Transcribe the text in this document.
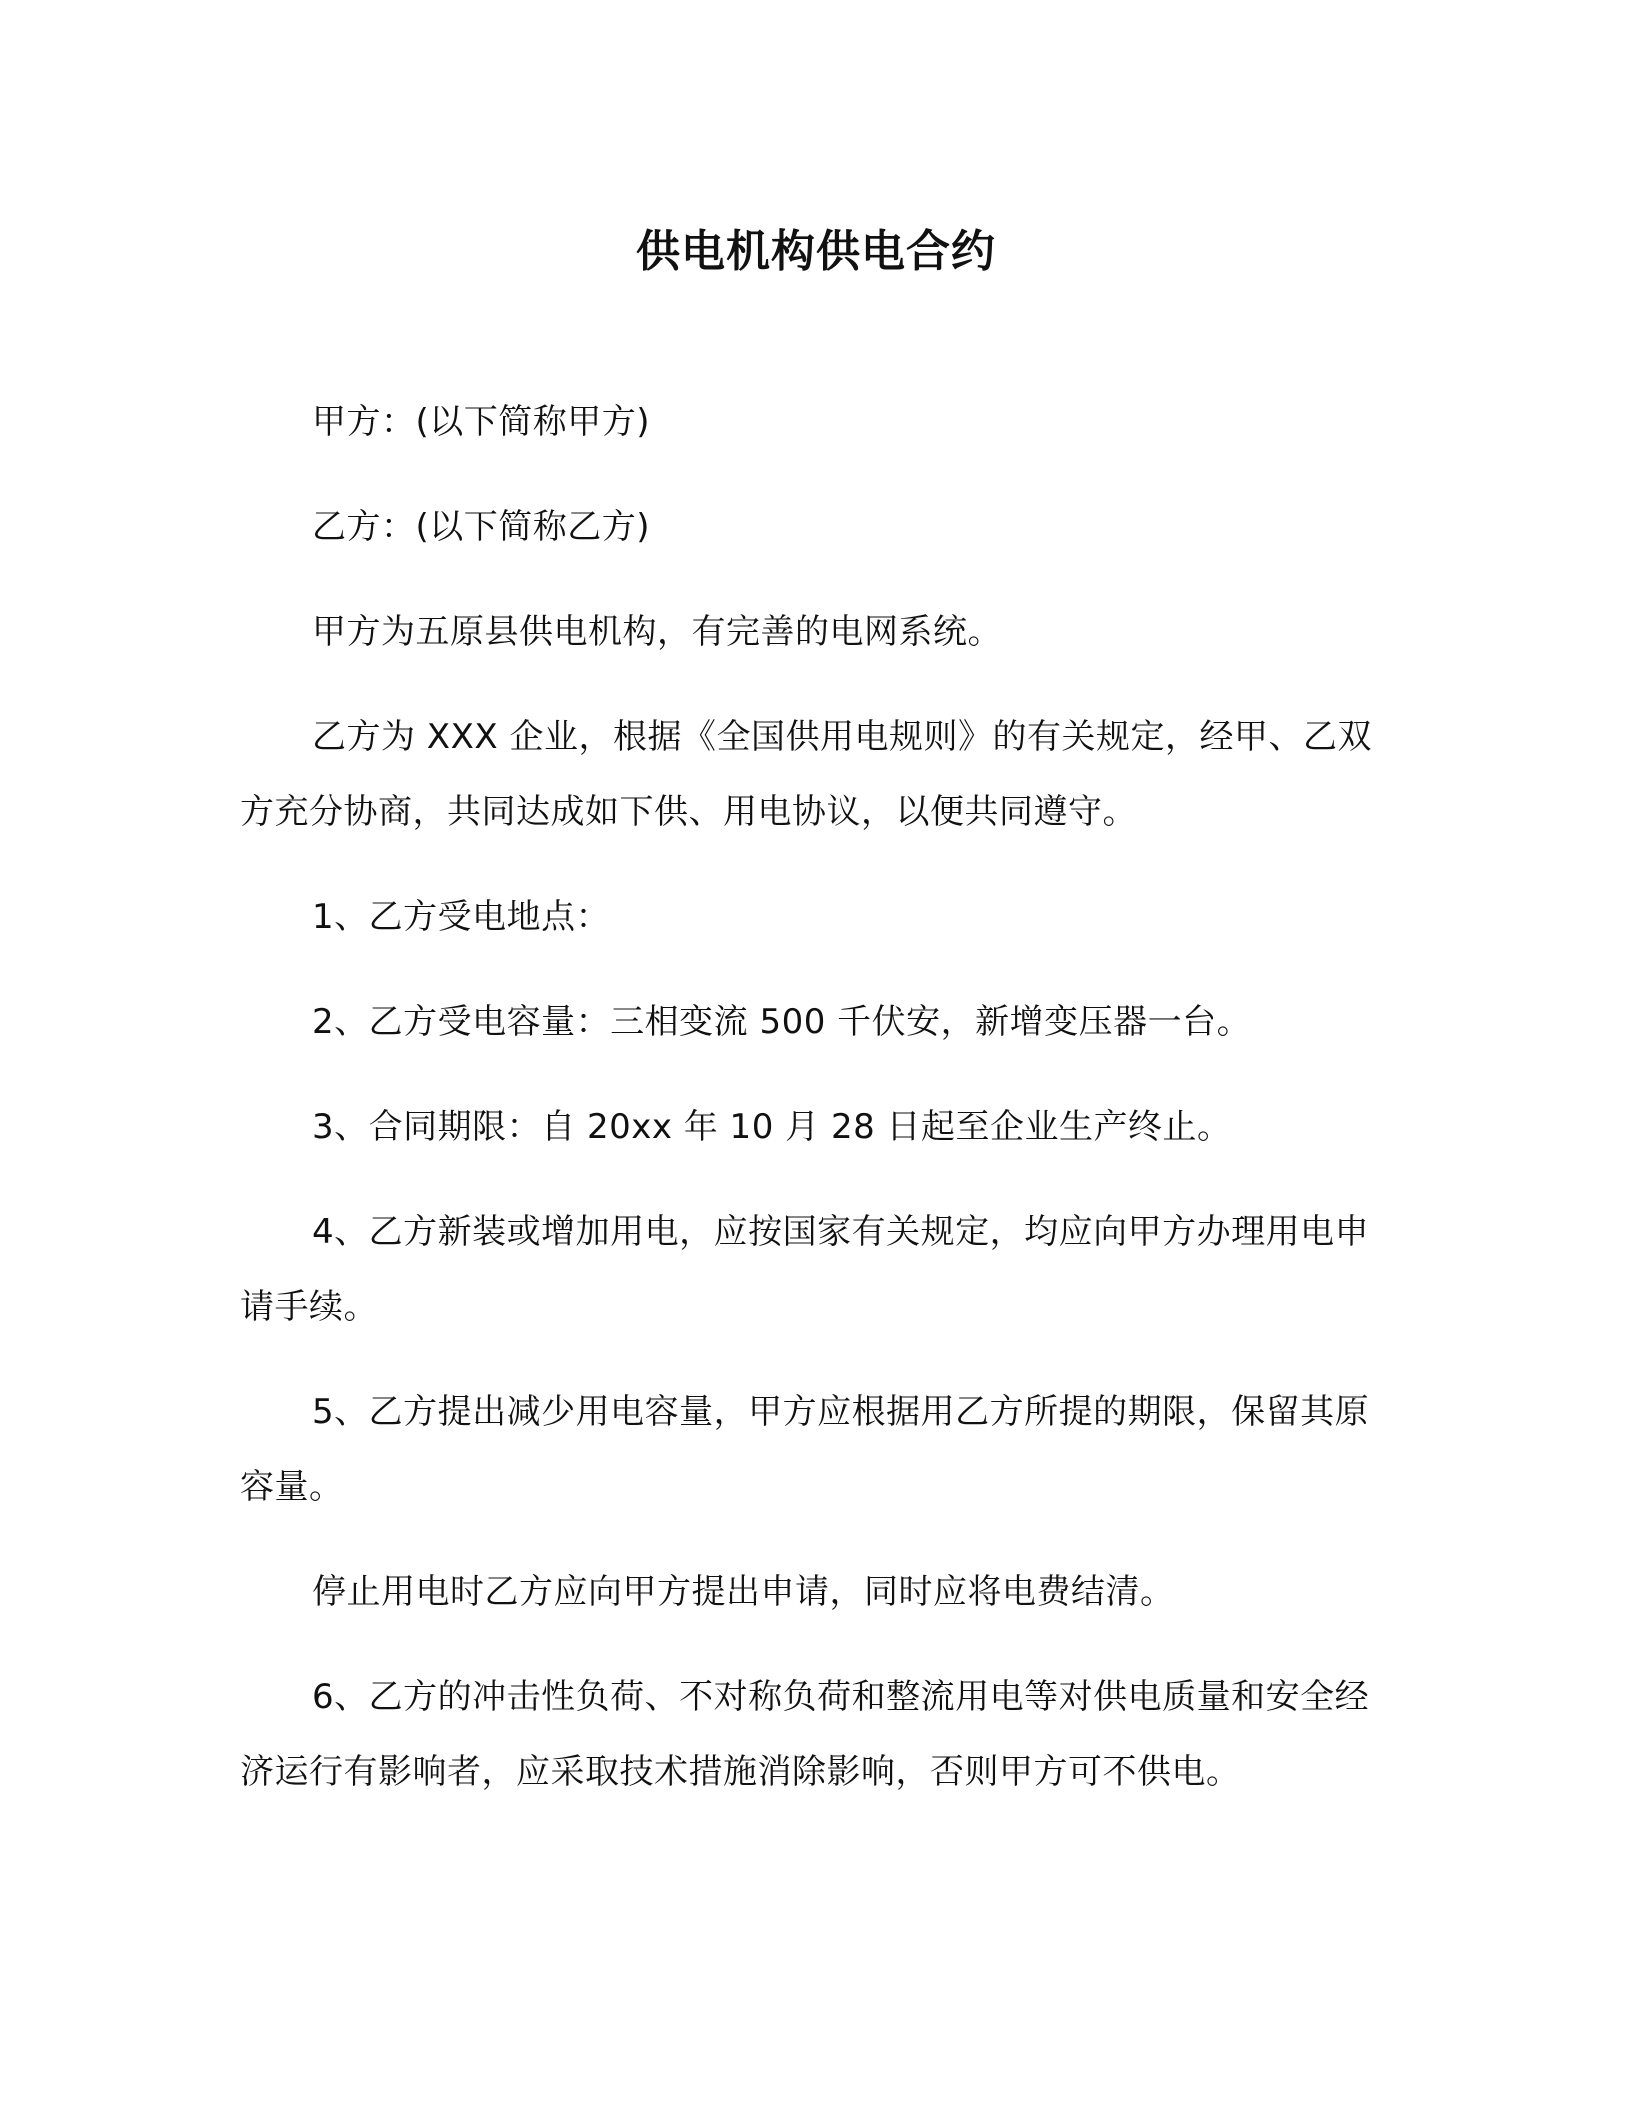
供电机构供电合约
甲方：(以下简称甲方)
乙方：(以下简称乙方)
甲方为五原县供电机构，有完善的电网系统。
乙方为 XXX 企业，根据《全国供用电规则》的有关规定，经甲、乙双方充分协商，共同达成如下供、用电协议，以便共同遵守。
1、乙方受电地点：
2、乙方受电容量：三相变流 500 千伏安，新增变压器一台。
3、合同期限：自 20xx 年 10 月 28 日起至企业生产终止。
4、乙方新装或增加用电，应按国家有关规定，均应向甲方办理用电申请手续。
5、乙方提出减少用电容量，甲方应根据用乙方所提的期限，保留其原容量。
停止用电时乙方应向甲方提出申请，同时应将电费结清。
6、乙方的冲击性负荷、不对称负荷和整流用电等对供电质量和安全经济运行有影响者，应采取技术措施消除影响，否则甲方可不供电。
